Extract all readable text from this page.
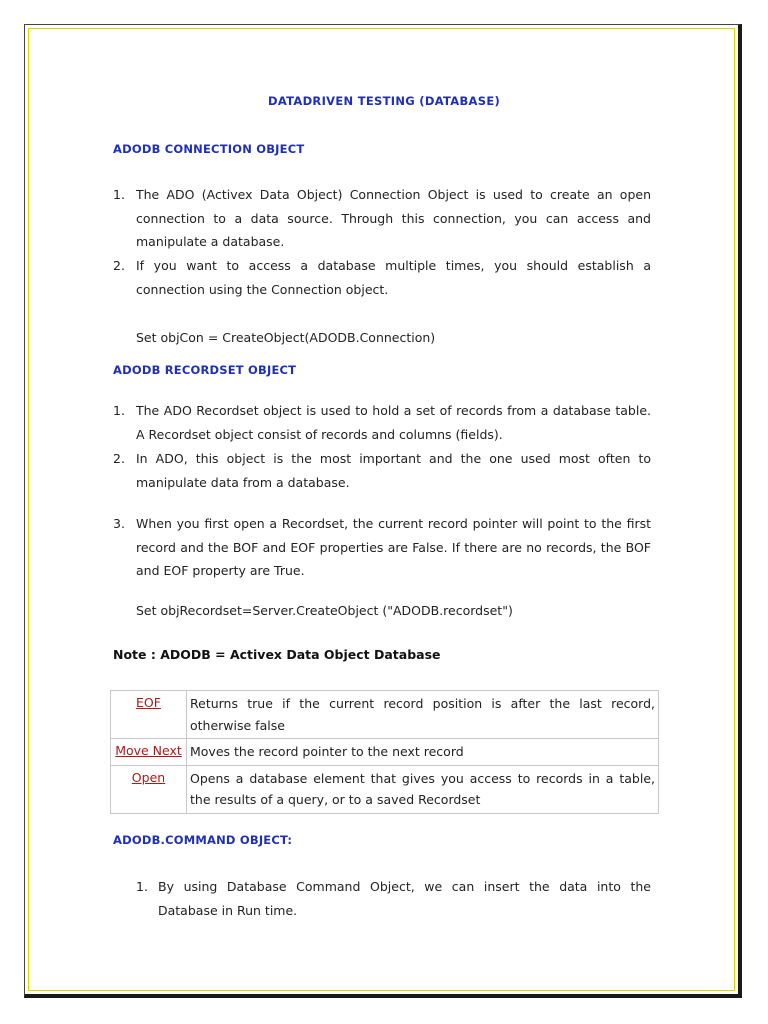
DATADRIVEN TESTING (DATABASE)
ADODB CONNECTION OBJECT
1. The ADO (Activex Data Object) Connection Object is used to create an open connection to a data source. Through this connection, you can access and manipulate a database.
2. If you want to access a database multiple times, you should establish a connection using the Connection object.
Set objCon = CreateObject(ADODB.Connection)
ADODB RECORDSET OBJECT
1. The ADO Recordset object is used to hold a set of records from a database table. A Recordset object consist of records and columns (fields).
2. In ADO, this object is the most important and the one used most often to manipulate data from a database.
3. When you first open a Recordset, the current record pointer will point to the first record and the BOF and EOF properties are False. If there are no records, the BOF and EOF property are True.
Set objRecordset=Server.CreateObject ("ADODB.recordset")
Note : ADODB = Activex Data Object Database
EOF	Returns true if the current record position is after the last record, otherwise false
Move Next	Moves the record pointer to the next record
Open	Opens a database element that gives you access to records in a table, the results of a query, or to a saved Recordset
ADODB.COMMAND OBJECT:
1. By using Database Command Object, we can insert the data into the Database in Run time.
